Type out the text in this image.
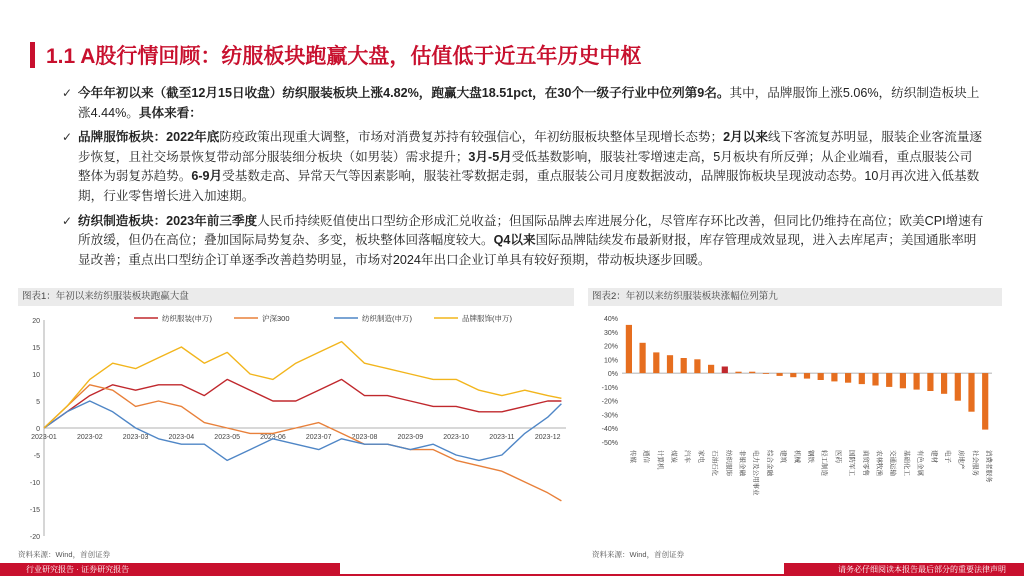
1.1 A股行情回顾：纺服板块跑赢大盘，估值低于近五年历史中枢
✓ 今年年初以来（截至12月15日收盘）纺织服装板块上涨4.82%，跑赢大盘18.51pct，在30个一级子行业中位列第9名。其中，品牌服饰上涨5.06%，纺织制造板块上涨4.44%。具体来看：
✓ 品牌服饰板块：2022年底防疫政策出现重大调整，市场对消费复苏持有较强信心，年初纺服板块整体呈现增长态势；2月以来线下客流复苏明显，服装企业客流量逐步恢复，且社交场景恢复带动部分服装细分板块（如男装）需求提升；3月-5月受低基数影响，服装社零增速走高，5月板块有所反弹；从企业端看，重点服装公司整体为弱复苏趋势。6-9月受基数走高、异常天气等因素影响，服装社零数据走弱，重点服装公司月度数据波动，品牌服饰板块呈现波动态势。10月再次进入低基数期，行业零售增长进入加速期。
✓ 纺织制造板块：2023年前三季度人民币持续贬值使出口型纺企形成汇兑收益；但国际品牌去库进展分化，尽管库存环比改善，但同比仍维持在高位；欧美CPI增速有所放缓，但仍在高位；叠加国际局势复杂、多变，板块整体回落幅度较大。Q4以来国际品牌陆续发布最新财报，库存管理成效显现，进入去库尾声；美国通胀率明显改善；重点出口型纺企订单逐季改善趋势明显，市场对2024年出口企业订单具有较好预期，带动板块逐步回暖。
图表1：年初以来纺织服装板块跑赢大盘	图表2：年初以来纺织服装板块涨幅位列第九
-20
-15
-10
-5
0
5
10
15
20
2023-01	2023-02	2023-03	2023-04	2023-05	2023-06	2023-07	2023-08	2023-09	2023-10	2023-11	2023-12
纺织服装(申万)	沪深300	纺织制造(申万)	品牌服饰(申万)	40%
30%
20%
10%
0%
-10%
-20%
-30%
-40%
-50%
传媒	通信	计算机	煤炭	汽车	家电	石油石化	纺织服饰	非银金融	电力及公用事业	综合金融	建筑	机械	钢铁	轻工制造	医药	国防军工	商贸零售	农林牧渔	交通运输	基础化工	有色金属	建材	电子	房地产	社会服务	消费者服务
资料来源：Wind，首创证券	资料来源：Wind，首创证券
行业研究报告 · 证券研究报告	请务必仔细阅读本报告最后部分的重要法律声明
